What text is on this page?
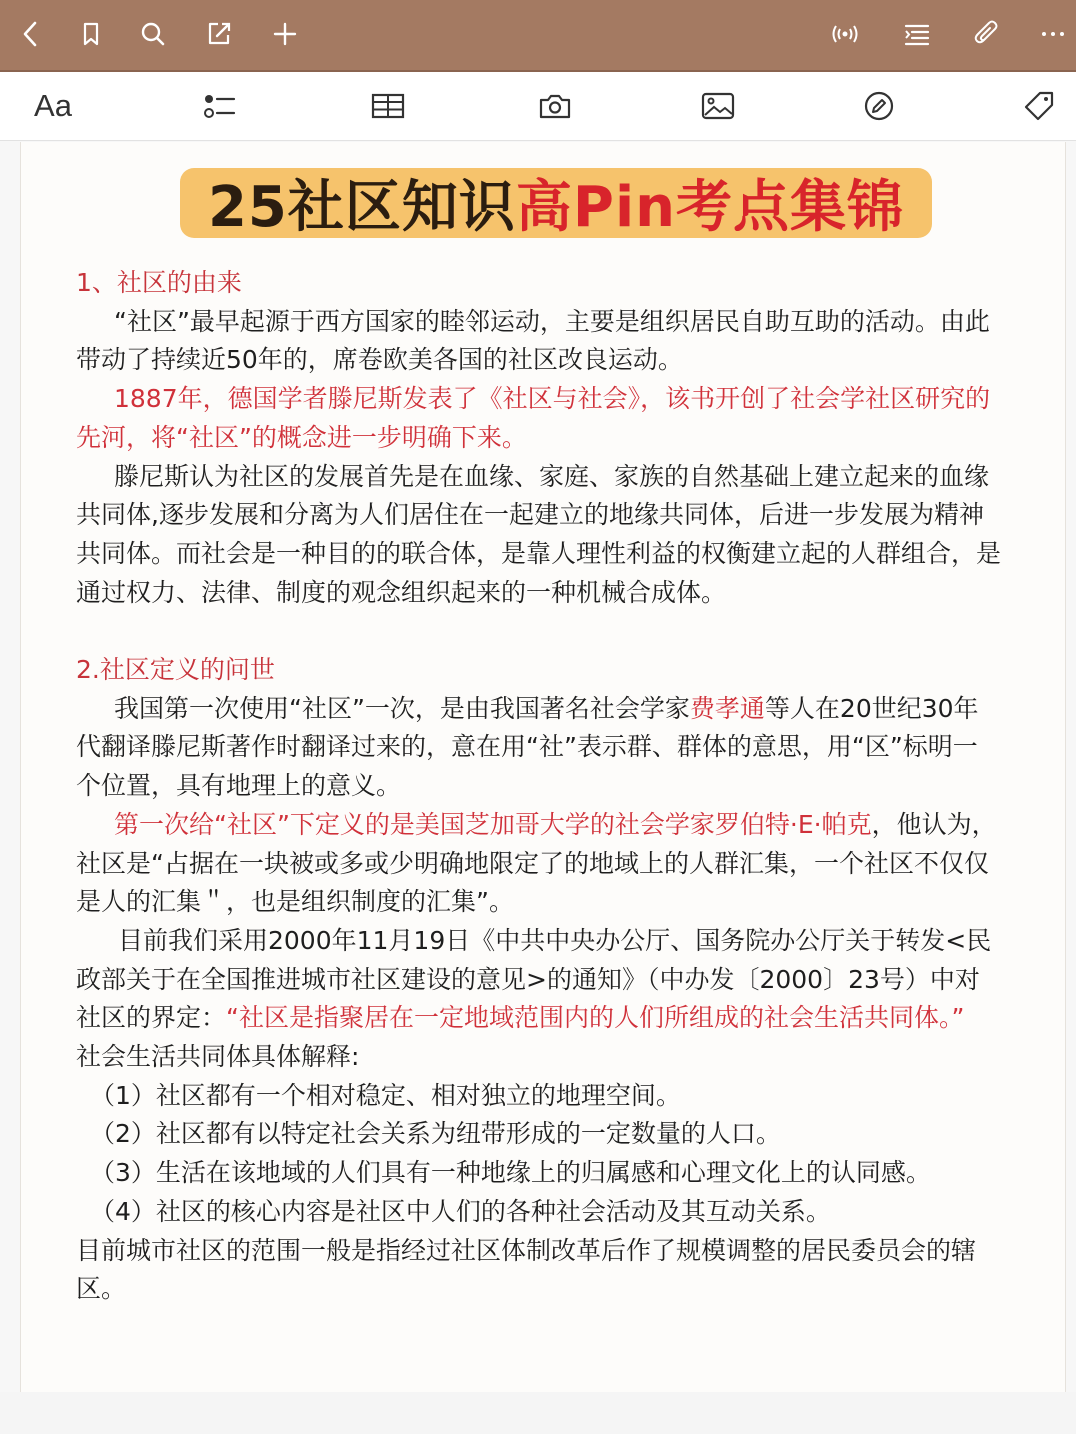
Aa
25社区知识 高Pin考点集锦

1、社区的由来

“社区”最早起源于西方国家的睦邻运动，主要是组织居民自助互助的活动。由此带动了持续近50年的，席卷欧美各国的社区改良运动。

1887年，德国学者滕尼斯发表了《社区与社会》，该书开创了社会学社区研究的先河，将“社区”的概念进一步明确下来。

滕尼斯认为社区的发展首先是在血缘、家庭、家族的自然基础上建立起来的血缘共同体,逐步发展和分离为人们居住在一起建立的地缘共同体，后进一步发展为精神共同体。而社会是一种目的的联合体，是靠人理性利益的权衡建立起的人群组合，是通过权力、法律、制度的观念组织起来的一种机械合成体。

2.社区定义的问世

我国第一次使用“社区”一次，是由我国著名社会学家费孝通等人在20世纪30年代翻译滕尼斯著作时翻译过来的，意在用“社”表示群、群体的意思，用“区”标明一个位置，具有地理上的意义。

第一次给“社区”下定义的是美国芝加哥大学的社会学家罗伯特·E·帕克，他认为，社区是“占据在一块被或多或少明确地限定了的地域上的人群汇集，一个社区不仅仅是人的汇集＂，也是组织制度的汇集”。

目前我们采用2000年11月19日《中共中央办公厅、国务院办公厅关于转发<民政部关于在全国推进城市社区建设的意见>的通知》（中办发〔2000〕23号）中对社区的界定：“社区是指聚居在一定地域范围内的人们所组成的社会生活共同体。”

社会生活共同体具体解释:

（1）社区都有一个相对稳定、相对独立的地理空间。

（2）社区都有以特定社会关系为纽带形成的一定数量的人口。

（3）生活在该地域的人们具有一种地缘上的归属感和心理文化上的认同感。

（4）社区的核心内容是社区中人们的各种社会活动及其互动关系。

目前城市社区的范围一般是指经过社区体制改革后作了规模调整的居民委员会的辖区。
